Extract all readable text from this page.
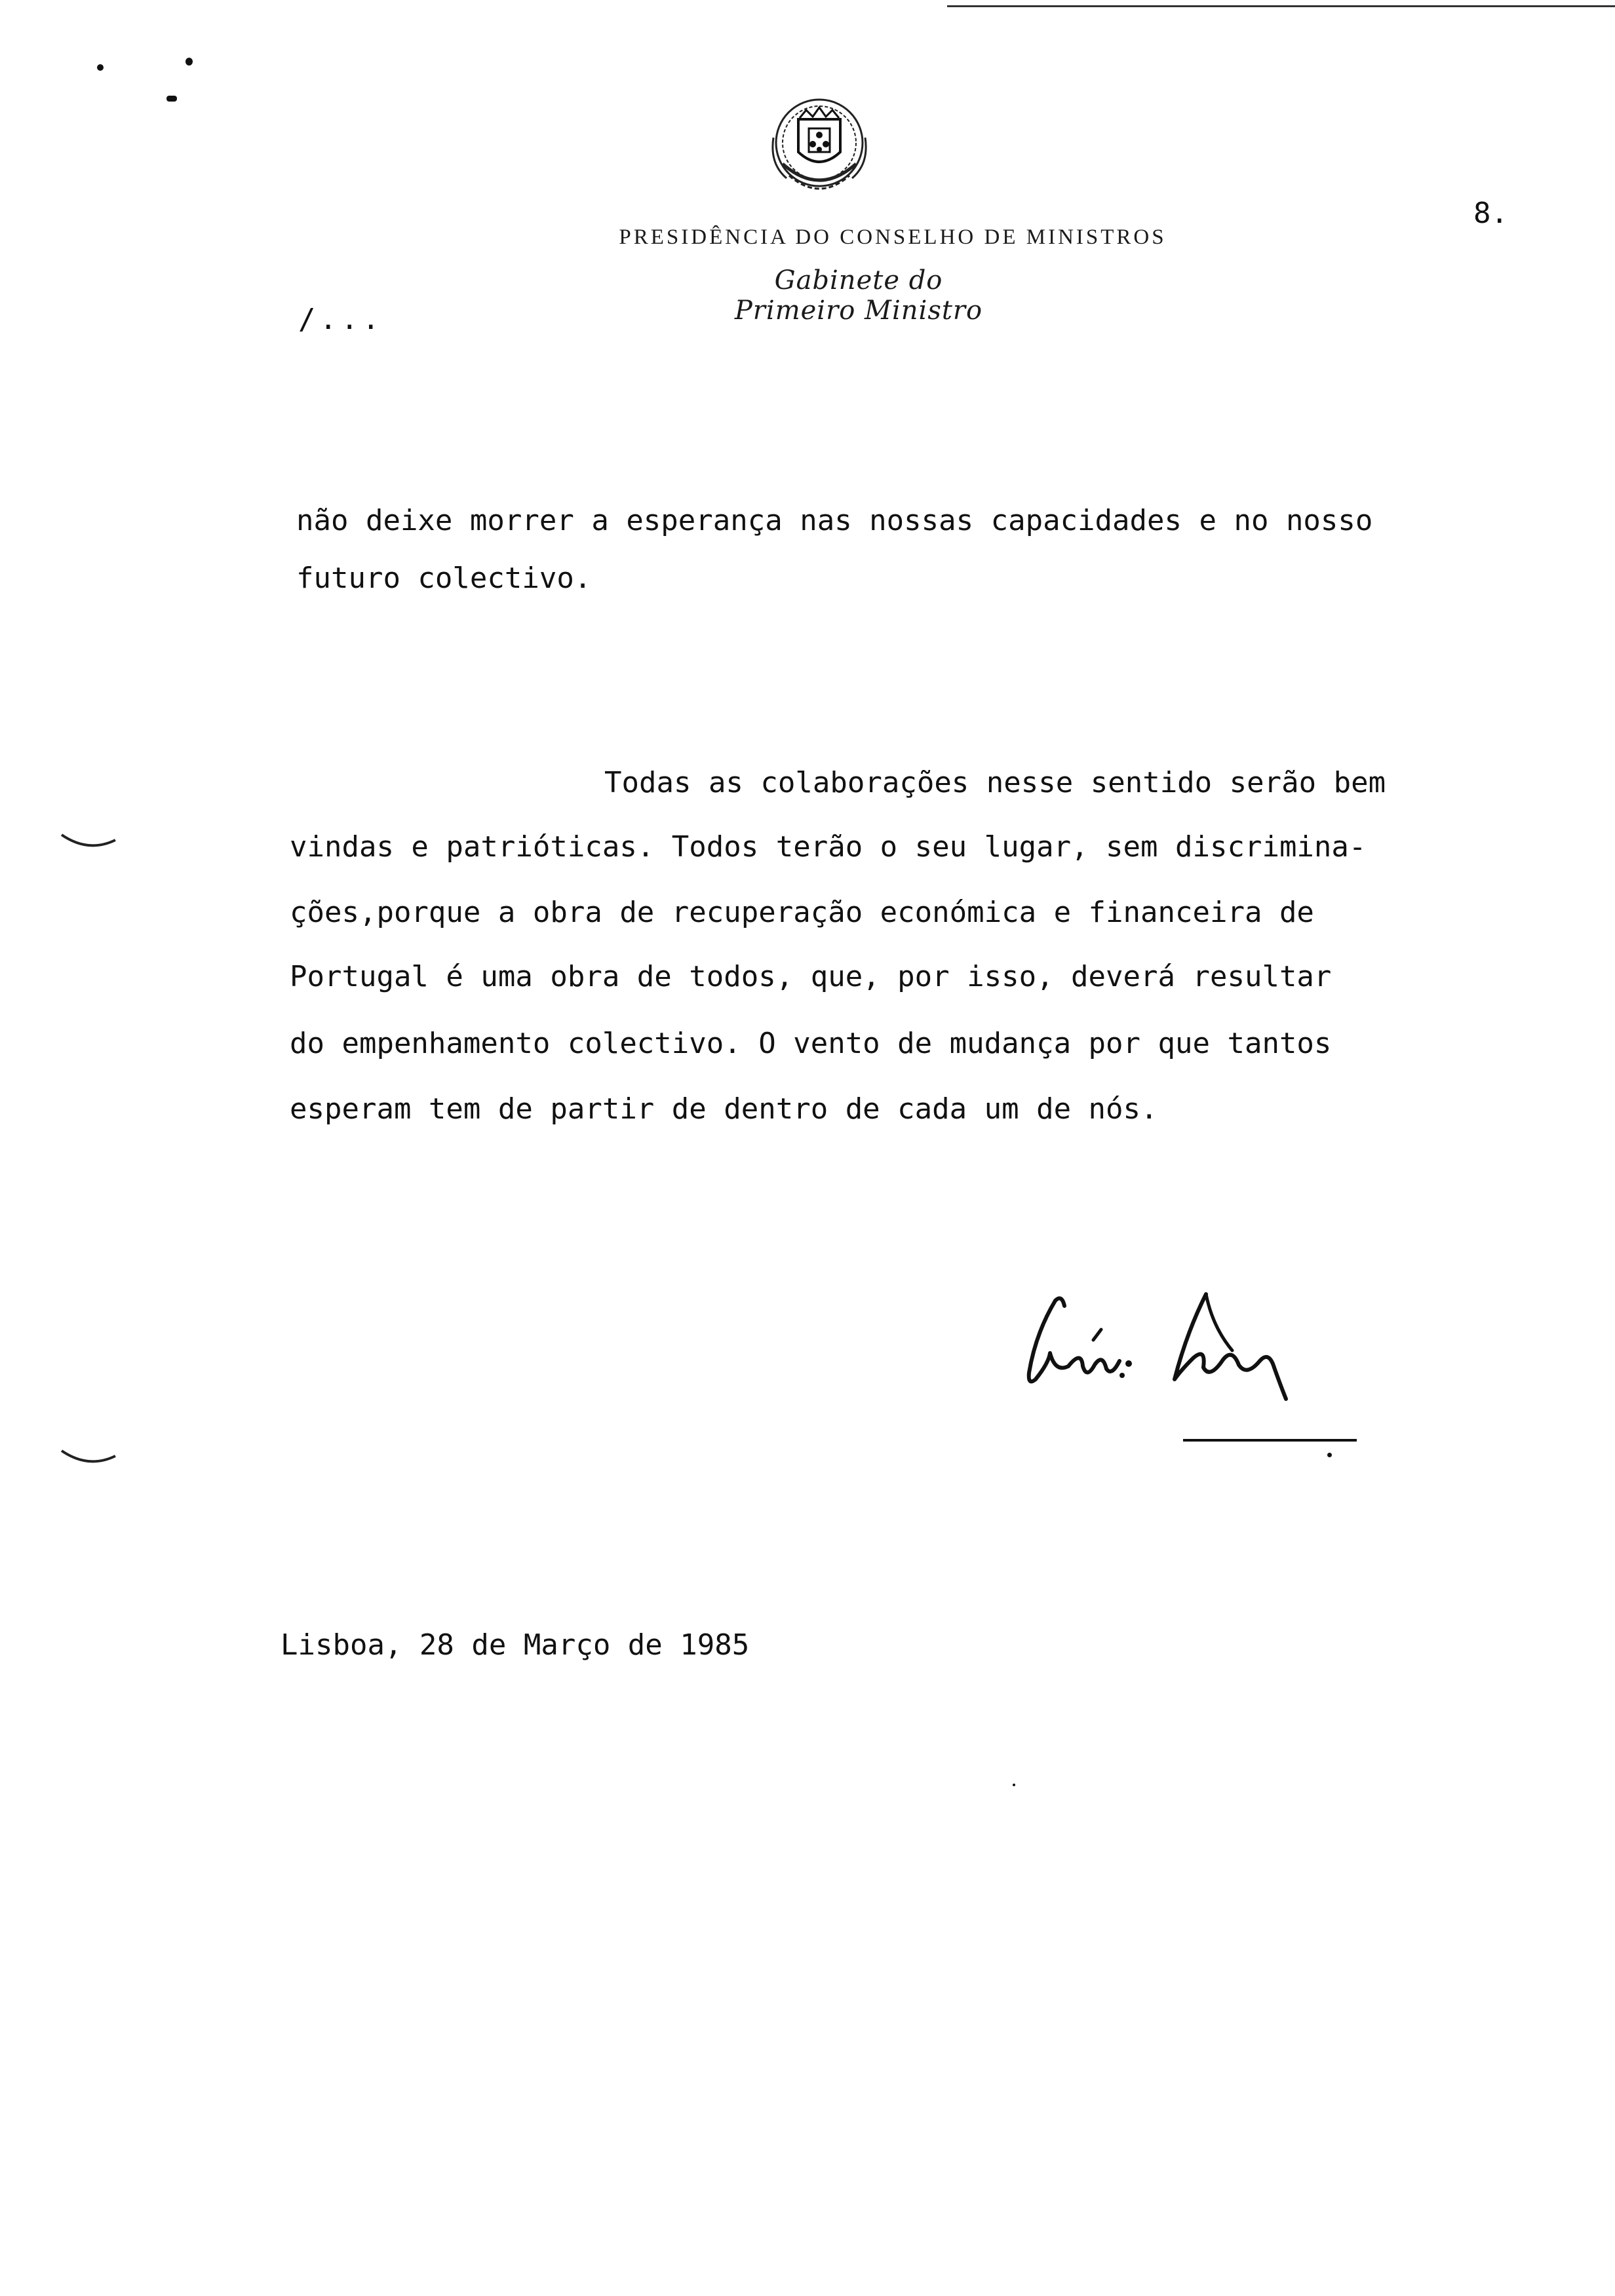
PRESIDÊNCIA DO CONSELHO DE MINISTROS
Gabinete do Primeiro Ministro
8.
/...
não deixe morrer a esperança nas nossas capacidades e no nosso
futuro colectivo.
Todas as colaborações nesse sentido serão bem
vindas e patrióticas. Todos terão o seu lugar, sem discrimina-
ções,porque a obra de recuperação económica e financeira de
Portugal é uma obra de todos, que, por isso, deverá resultar
do empenhamento colectivo. O vento de mudança por que tantos
esperam tem de partir de dentro de cada um de nós.
Lisboa, 28 de Março de 1985
